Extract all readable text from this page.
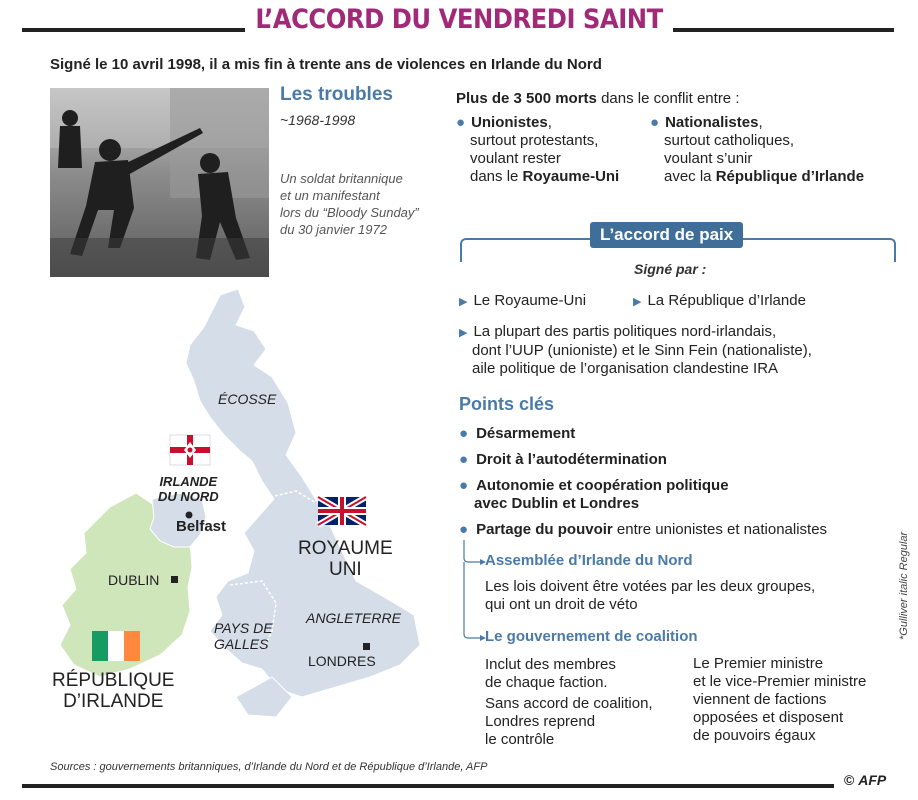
L’ACCORD DU VENDREDI SAINT
Signé le 10 avril 1998, il a mis fin à trente ans de violences en Irlande du Nord
Les troubles
~1968-1998
Un soldat britannique
et un manifestant
lors du “Bloody Sunday”
du 30 janvier 1972
Plus de 3 500 morts dans le conflit entre :
● Unionistes,
surtout protestants,
voulant rester
dans le Royaume-Uni
● Nationalistes,
surtout catholiques,
voulant s’unir
avec la République d’Irlande
L’accord de paix
Signé par :
▶ Le Royaume-Uni	▶ La République d’Irlande
▶ La plupart des partis politiques nord-irlandais,
dont l’UUP (unioniste) et le Sinn Fein (nationaliste),
aile politique de l’organisation clandestine IRA
Points clés
● Désarmement
● Droit à l’autodétermination
● Autonomie et coopération politique
avec Dublin et Londres
● Partage du pouvoir entre unionistes et nationalistes
Assemblée d’Irlande du Nord
Les lois doivent être votées par les deux groupes,
qui ont un droit de véto
Le gouvernement de coalition
Inclut des membres
de chaque faction.
Sans accord de coalition,
Londres reprend
le contrôle
Le Premier ministre
et le vice-Premier ministre
viennent de factions
opposées et disposent
de pouvoirs égaux
ÉCOSSE
IRLANDE
DU NORD
Belfast
ROYAUME
UNI
ANGLETERRE
LONDRES
PAYS DE
GALLES
DUBLIN
RÉPUBLIQUE
D’IRLANDE
*Gulliver italic Regular
Sources : gouvernements britanniques, d’Irlande du Nord et de République d’Irlande, AFP
© AFP
